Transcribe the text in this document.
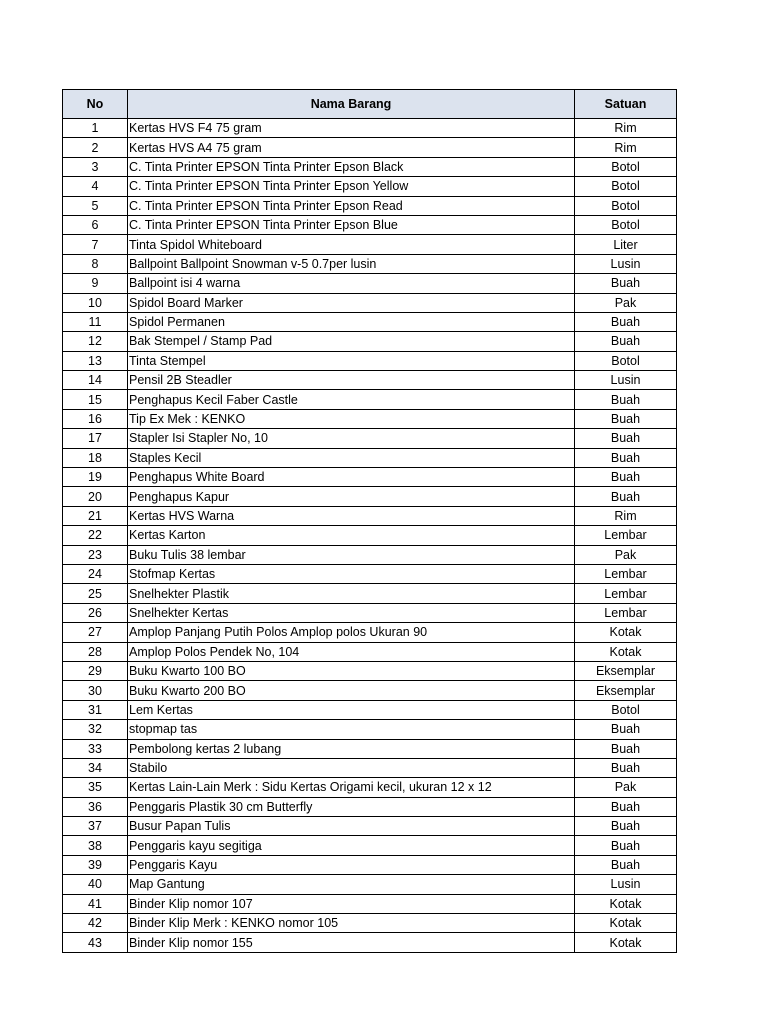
No	Nama Barang	Satuan
1	Kertas HVS F4 75 gram	Rim
2	Kertas HVS A4 75 gram	Rim
3	C. Tinta Printer EPSON Tinta Printer Epson Black	Botol
4	C. Tinta Printer EPSON Tinta Printer Epson Yellow	Botol
5	C. Tinta Printer EPSON Tinta Printer Epson Read	Botol
6	C. Tinta Printer EPSON Tinta Printer Epson Blue	Botol
7	Tinta Spidol Whiteboard	Liter
8	Ballpoint Ballpoint Snowman v-5 0.7per lusin	Lusin
9	Ballpoint isi 4 warna	Buah
10	Spidol Board Marker	Pak
11	Spidol Permanen	Buah
12	Bak Stempel / Stamp Pad	Buah
13	Tinta Stempel	Botol
14	Pensil 2B Steadler	Lusin
15	Penghapus Kecil Faber Castle	Buah
16	Tip Ex Mek : KENKO	Buah
17	Stapler Isi Stapler No, 10	Buah
18	Staples Kecil	Buah
19	Penghapus White Board	Buah
20	Penghapus Kapur	Buah
21	Kertas HVS Warna	Rim
22	Kertas Karton	Lembar
23	Buku Tulis 38 lembar	Pak
24	Stofmap Kertas	Lembar
25	Snelhekter Plastik	Lembar
26	Snelhekter Kertas	Lembar
27	Amplop Panjang Putih Polos Amplop polos Ukuran 90	Kotak
28	Amplop Polos Pendek No, 104	Kotak
29	Buku Kwarto 100 BO	Eksemplar
30	Buku Kwarto 200 BO	Eksemplar
31	Lem Kertas	Botol
32	stopmap tas	Buah
33	Pembolong kertas 2 lubang	Buah
34	Stabilo	Buah
35	Kertas Lain-Lain Merk : Sidu Kertas Origami kecil, ukuran 12 x 12	Pak
36	Penggaris Plastik 30 cm Butterfly	Buah
37	Busur Papan Tulis	Buah
38	Penggaris kayu segitiga	Buah
39	Penggaris Kayu	Buah
40	Map Gantung	Lusin
41	Binder Klip nomor 107	Kotak
42	Binder Klip Merk : KENKO nomor 105	Kotak
43	Binder Klip nomor 155	Kotak
